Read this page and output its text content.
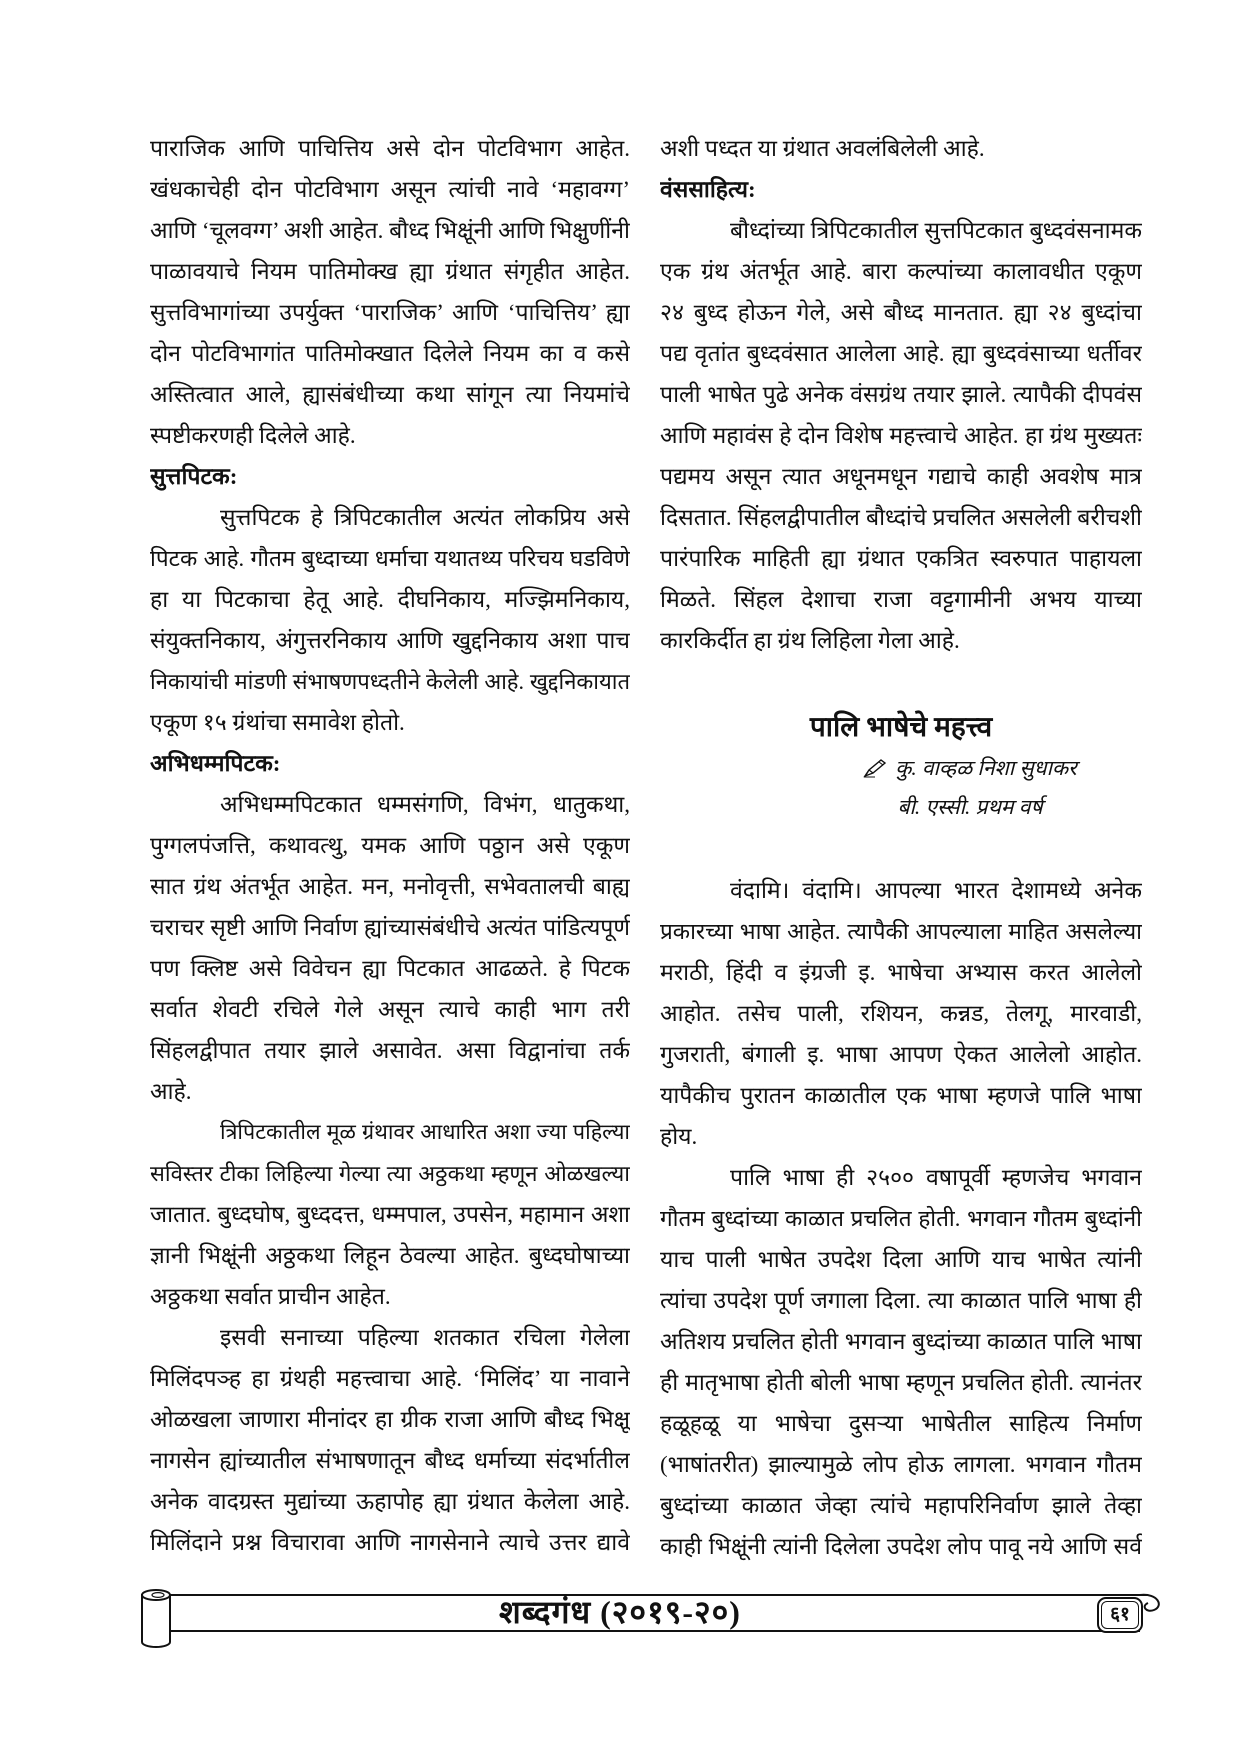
पाराजिक आणि पाचित्तिय असे दोन पोटविभाग आहेत.
खंधकाचेही दोन पोटविभाग असून त्यांची नावे ‘महावग्ग’
आणि ‘चूलवग्ग’ अशी आहेत. बौध्द भिक्षूंनी आणि भिक्षुणींनी
पाळावयाचे नियम पातिमोक्ख ह्या ग्रंथात संगृहीत आहेत.
सुत्तविभागांच्या उपर्युक्त ‘पाराजिक’ आणि ‘पाचित्तिय’ ह्या
दोन पोटविभागांत पातिमोक्खात दिलेले नियम का व कसे
अस्तित्वात आले, ह्यासंबंधीच्या कथा सांगून त्या नियमांचे
स्पष्टीकरणही दिलेले आहे.
सुत्तपिटक:
सुत्तपिटक हे त्रिपिटकातील अत्यंत लोकप्रिय असे
पिटक आहे. गौतम बुध्दाच्या धर्माचा यथातथ्य परिचय घडविणे
हा या पिटकाचा हेतू आहे. दीघनिकाय, मज्झिमनिकाय,
संयुक्तनिकाय, अंगुत्तरनिकाय आणि खुद्दनिकाय अशा पाच
निकायांची मांडणी संभाषणपध्दतीने केलेली आहे. खुद्दनिकायात
एकूण १५ ग्रंथांचा समावेश होतो.
अभिधम्मपिटक:
अभिधम्मपिटकात धम्मसंगणि, विभंग, धातुकथा,
पुग्गलपंजत्ति, कथावत्थु, यमक आणि पठ्ठान असे एकूण
सात ग्रंथ अंतर्भूत आहेत. मन, मनोवृत्ती, सभेवतालची बाह्य
चराचर सृष्टी आणि निर्वाण ह्यांच्यासंबंधीचे अत्यंत पांडित्यपूर्ण
पण क्लिष्ट असे विवेचन ह्या पिटकात आढळते. हे पिटक
सर्वात शेवटी रचिले गेले असून त्याचे काही भाग तरी
सिंहलद्वीपात तयार झाले असावेत. असा विद्वानांचा तर्क
आहे.
त्रिपिटकातील मूळ ग्रंथावर आधारित अशा ज्या पहिल्या
सविस्तर टीका लिहिल्या गेल्या त्या अठ्ठकथा म्हणून ओळखल्या
जातात. बुध्दघोष, बुध्ददत्त, धम्मपाल, उपसेन, महामान अशा
ज्ञानी भिक्षूंनी अठ्ठकथा लिहून ठेवल्या आहेत. बुध्दघोषाच्या
अठ्ठकथा सर्वात प्राचीन आहेत.
इसवी सनाच्या पहिल्या शतकात रचिला गेलेला
मिलिंदपञ्ह हा ग्रंथही महत्त्वाचा आहे. ‘मिलिंद’ या नावाने
ओळखला जाणारा मीनांदर हा ग्रीक राजा आणि बौध्द भिक्षू
नागसेन ह्यांच्यातील संभाषणातून बौध्द धर्माच्या संदर्भातील
अनेक वादग्रस्त मुद्यांच्या ऊहापोह ह्या ग्रंथात केलेला आहे.
मिलिंदाने प्रश्न विचारावा आणि नागसेनाने त्याचे उत्तर द्यावे
अशी पध्दत या ग्रंथात अवलंबिलेली आहे.
वंससाहित्य:
बौध्दांच्या त्रिपिटकातील सुत्तपिटकात बुध्दवंसनामक
एक ग्रंथ अंतर्भूत आहे. बारा कल्पांच्या कालावधीत एकूण
२४ बुध्द होऊन गेले, असे बौध्द मानतात. ह्या २४ बुध्दांचा
पद्य वृतांत बुध्दवंसात आलेला आहे. ह्या बुध्दवंसाच्या धर्तीवर
पाली भाषेत पुढे अनेक वंसग्रंथ तयार झाले. त्यापैकी दीपवंस
आणि महावंस हे दोन विशेष महत्त्वाचे आहेत. हा ग्रंथ मुख्यतः
पद्यमय असून त्यात अधूनमधून गद्याचे काही अवशेष मात्र
दिसतात. सिंहलद्वीपातील बौध्दांचे प्रचलित असलेली बरीचशी
पारंपारिक माहिती ह्या ग्रंथात एकत्रित स्वरुपात पाहायला
मिळते. सिंहल देशाचा राजा वट्टगामीनी अभय याच्या
कारकिर्दीत हा ग्रंथ लिहिला गेला आहे.
पालि भाषेचे महत्त्व
कु. वाव्हळ निशा सुधाकर
बी. एस्सी. प्रथम वर्ष
वंदामि। वंदामि। आपल्या भारत देशामध्ये अनेक
प्रकारच्या भाषा आहेत. त्यापैकी आपल्याला माहित असलेल्या
मराठी, हिंदी व इंग्रजी इ. भाषेचा अभ्यास करत आलेलो
आहोत. तसेच पाली, रशियन, कन्नड, तेलगू, मारवाडी,
गुजराती, बंगाली इ. भाषा आपण ऐकत आलेलो आहोत.
यापैकीच पुरातन काळातील एक भाषा म्हणजे पालि भाषा
होय.
पालि भाषा ही २५०० वषापूर्वी म्हणजेच भगवान
गौतम बुध्दांच्या काळात प्रचलित होती. भगवान गौतम बुध्दांनी
याच पाली भाषेत उपदेश दिला आणि याच भाषेत त्यांनी
त्यांचा उपदेश पूर्ण जगाला दिला. त्या काळात पालि भाषा ही
अतिशय प्रचलित होती भगवान बुध्दांच्या काळात पालि भाषा
ही मातृभाषा होती बोली भाषा म्हणून प्रचलित होती. त्यानंतर
हळूहळू या भाषेचा दुसऱ्या भाषेतील साहित्य निर्माण
(भाषांतरीत) झाल्यामुळे लोप होऊ लागला. भगवान गौतम
बुध्दांच्या काळात जेव्हा त्यांचे महापरिनिर्वाण झाले तेव्हा
काही भिक्षूंनी त्यांनी दिलेला उपदेश लोप पावू नये आणि सर्व
शब्दगंध (२०१९-२०)	६१
